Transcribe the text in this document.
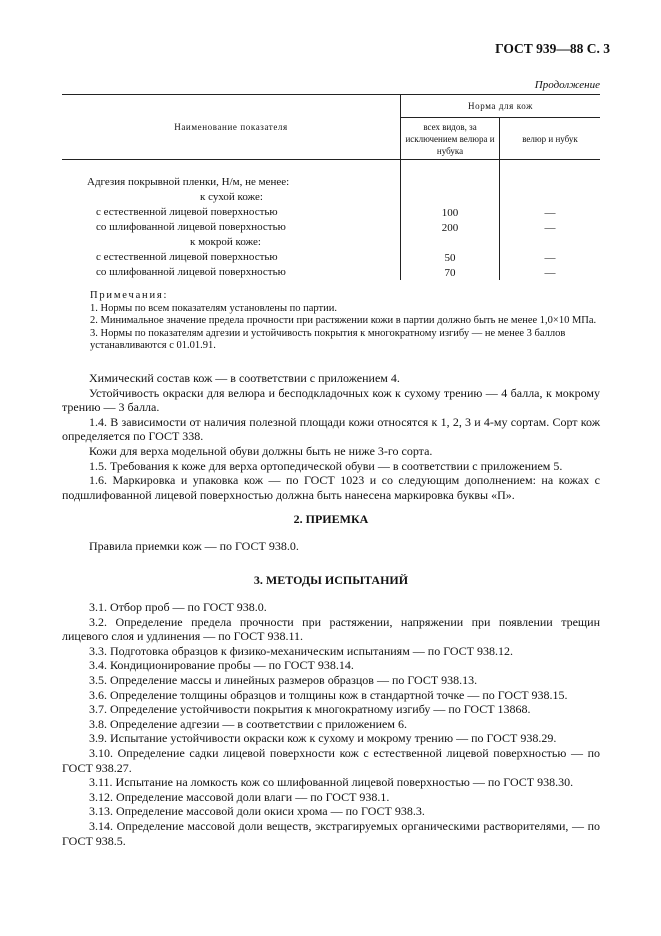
ГОСТ 939—88 С. 3
Продолжение
Наименование показателя	Норма для кож	
	всех видов, за исключением велюра и нубука	велюр и нубук

Адгезия покрывной пленки, Н/м, не менее:		
к сухой коже:		
с естественной лицевой поверхностью	100	—
со шлифованной лицевой поверхностью	200	—
к мокрой коже:		
с естественной лицевой поверхностью	50	—
со шлифованной лицевой поверхностью	70	—
Примечания:
1. Нормы по всем показателям установлены по партии.
2. Минимальное значение предела прочности при растяжении кожи в партии должно быть не менее 1,0×10 МПа.
3. Нормы по показателям адгезии и устойчивость покрытия к многократному изгибу — не менее 3 баллов устанавливаются с 01.01.91.

Химический состав кож — в соответствии с приложением 4.

Устойчивость окраски для велюра и бесподкладочных кож к сухому трению — 4 балла, к мокрому трению — 3 балла.

1.4. В зависимости от наличия полезной площади кожи относятся к 1, 2, 3 и 4-му сортам. Сорт кож определяется по ГОСТ 338.

Кожи для верха модельной обуви должны быть не ниже 3-го сорта.

1.5. Требования к коже для верха ортопедической обуви — в соответствии с приложением 5.

1.6. Маркировка и упаковка кож — по ГОСТ 1023 и со следующим дополнением: на кожах с подшлифованной лицевой поверхностью должна быть нанесена маркировка буквы «П».

2. ПРИЕМКА

Правила приемки кож — по ГОСТ 938.0.

3. МЕТОДЫ ИСПЫТАНИЙ

3.1. Отбор проб — по ГОСТ 938.0.

3.2. Определение предела прочности при растяжении, напряжении при появлении трещин лицевого слоя и удлинения — по ГОСТ 938.11.

3.3. Подготовка образцов к физико-механическим испытаниям — по ГОСТ 938.12.

3.4. Кондиционирование пробы — по ГОСТ 938.14.

3.5. Определение массы и линейных размеров образцов — по ГОСТ 938.13.

3.6. Определение толщины образцов и толщины кож в стандартной точке — по ГОСТ 938.15.

3.7. Определение устойчивости покрытия к многократному изгибу — по ГОСТ 13868.

3.8. Определение адгезии — в соответствии с приложением 6.

3.9. Испытание устойчивости окраски кож к сухому и мокрому трению — по ГОСТ 938.29.

3.10. Определение садки лицевой поверхности кож с естественной лицевой поверхностью — по ГОСТ 938.27.

3.11. Испытание на ломкость кож со шлифованной лицевой поверхностью — по ГОСТ 938.30.

3.12. Определение массовой доли влаги — по ГОСТ 938.1.

3.13. Определение массовой доли окиси хрома — по ГОСТ 938.3.

3.14. Определение массовой доли веществ, экстрагируемых органическими растворителями, — по ГОСТ 938.5.
